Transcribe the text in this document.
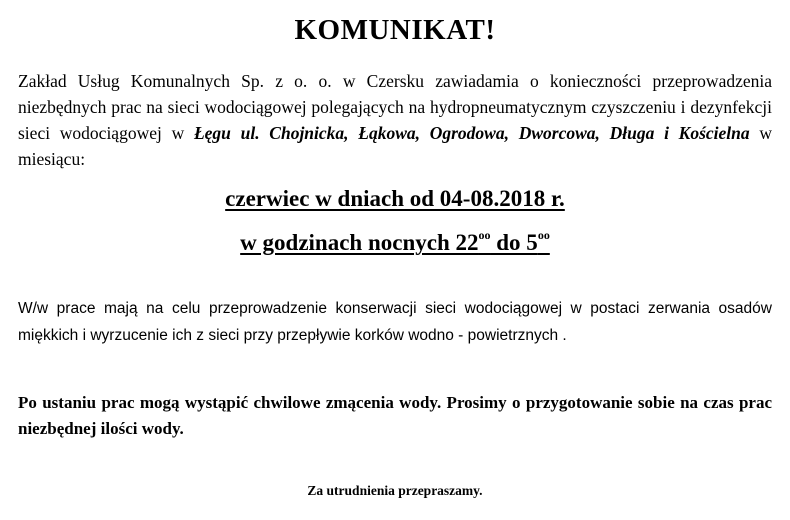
KOMUNIKAT!
Zakład Usług Komunalnych Sp. z o. o. w Czersku zawiadamia o konieczności przeprowadzenia niezbędnych prac na sieci wodociągowej polegających na hydropneumatycznym czyszczeniu i dezynfekcji sieci wodociągowej w Łęgu ul. Chojnicka, Łąkowa, Ogrodowa, Dworcowa, Długa i Kościelna w miesiącu:
czerwiec w dniach od 04-08.2018 r.
w godzinach nocnych $22^{oo}$ do $5^{oo}$
W/w prace mają na celu przeprowadzenie konserwacji sieci wodociągowej w postaci zerwania osadów miękkich i wyrzucenie ich z sieci przy przepływie korków wodno - powietrznych .
Po ustaniu prac mogą wystąpić chwilowe zmącenia wody. Prosimy o przygotowanie sobie na czas prac niezbędnej ilości wody.
Za utrudnienia przepraszamy.
